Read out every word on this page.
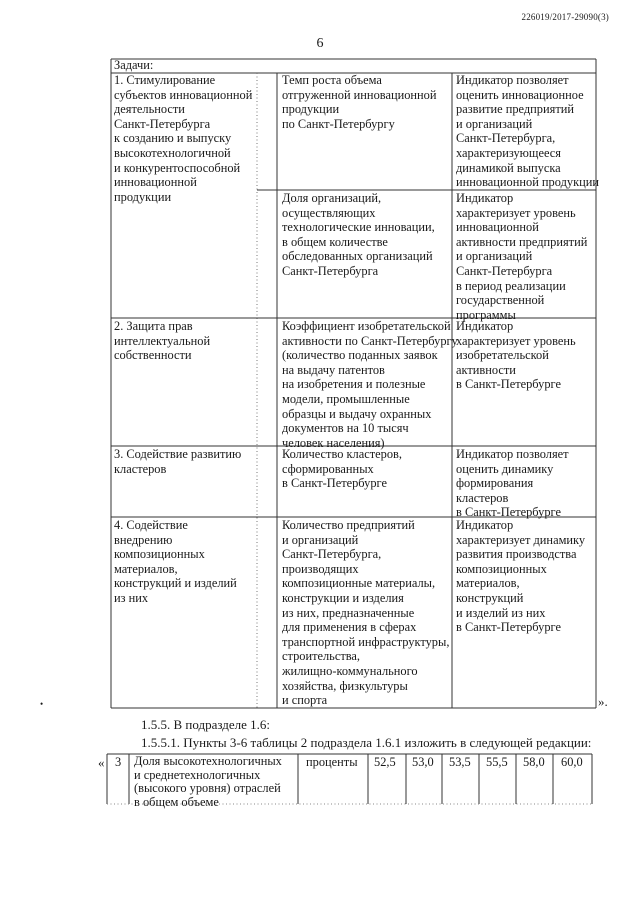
226019/2017-29090(3)
6
Задачи:
1. Стимулирование
субъектов инновационной
деятельности
Санкт-Петербурга
к созданию и выпуску
высокотехнологичной
и конкурентоспособной
инновационной
продукции
Темп роста объема
отгруженной инновационной
продукции
по Санкт-Петербургу
Индикатор позволяет
оценить инновационное
развитие предприятий
и организаций
Санкт-Петербурга,
характеризующееся
динамикой выпуска
инновационной продукции
Доля организаций,
осуществляющих
технологические инновации,
в общем количестве
обследованных организаций
Санкт-Петербурга
Индикатор
характеризует уровень
инновационной
активности предприятий
и организаций
Санкт-Петербурга
в период реализации
государственной
программы
2. Защита прав
интеллектуальной
собственности
Коэффициент изобретательской
активности по Санкт-Петербургу
(количество поданных заявок
на выдачу патентов
на изобретения и полезные
модели, промышленные
образцы и выдачу охранных
документов на 10 тысяч
человек населения)
Индикатор
характеризует уровень
изобретательской
активности
в Санкт-Петербурге
3. Содействие развитию
кластеров
Количество кластеров,
сформированных
в Санкт-Петербурге
Индикатор позволяет
оценить динамику
формирования
кластеров
в Санкт-Петербурге
4. Содействие
внедрению
композиционных
материалов,
конструкций и изделий
из них
Количество предприятий
и организаций
Санкт-Петербурга,
производящих
композиционные материалы,
конструкции и изделия
из них, предназначенные
для применения в сферах
транспортной инфраструктуры,
строительства,
жилищно-коммунального
хозяйства, физкультуры
и спорта
Индикатор
характеризует динамику
развития производства
композиционных
материалов,
конструкций
и изделий из них
в Санкт-Петербурге
».
•
1.5.5. В подразделе 1.6:
1.5.5.1. Пункты 3-6 таблицы 2 подраздела 1.6.1 изложить в следующей редакции:
« 3 Доля высокотехнологичных
и среднетехнологичных
(высокого уровня) отраслей
в общем объеме
проценты 52,5 53,0 53,5 55,5 58,0 60,0
